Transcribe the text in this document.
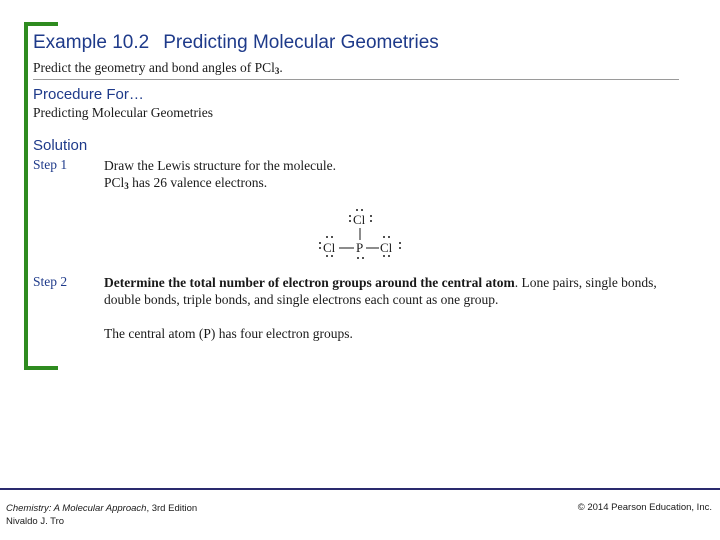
Example 10.2 Predicting Molecular Geometries
Predict the geometry and bond angles of PCl$_3$.
Procedure For…
Predicting Molecular Geometries
Solution
Step 1	Draw the Lewis structure for the molecule.
PCl$_3$ has 26 valence electrons.
Cl
Cl P Cl
Step 2	Determine the total number of electron groups around the central atom. Lone pairs, single bonds, double bonds, triple bonds, and single electrons each count as one group.
The central atom (P) has four electron groups.
Chemistry: A Molecular Approach, 3rd Edition
Nivaldo J. Tro
© 2014 Pearson Education, Inc.
